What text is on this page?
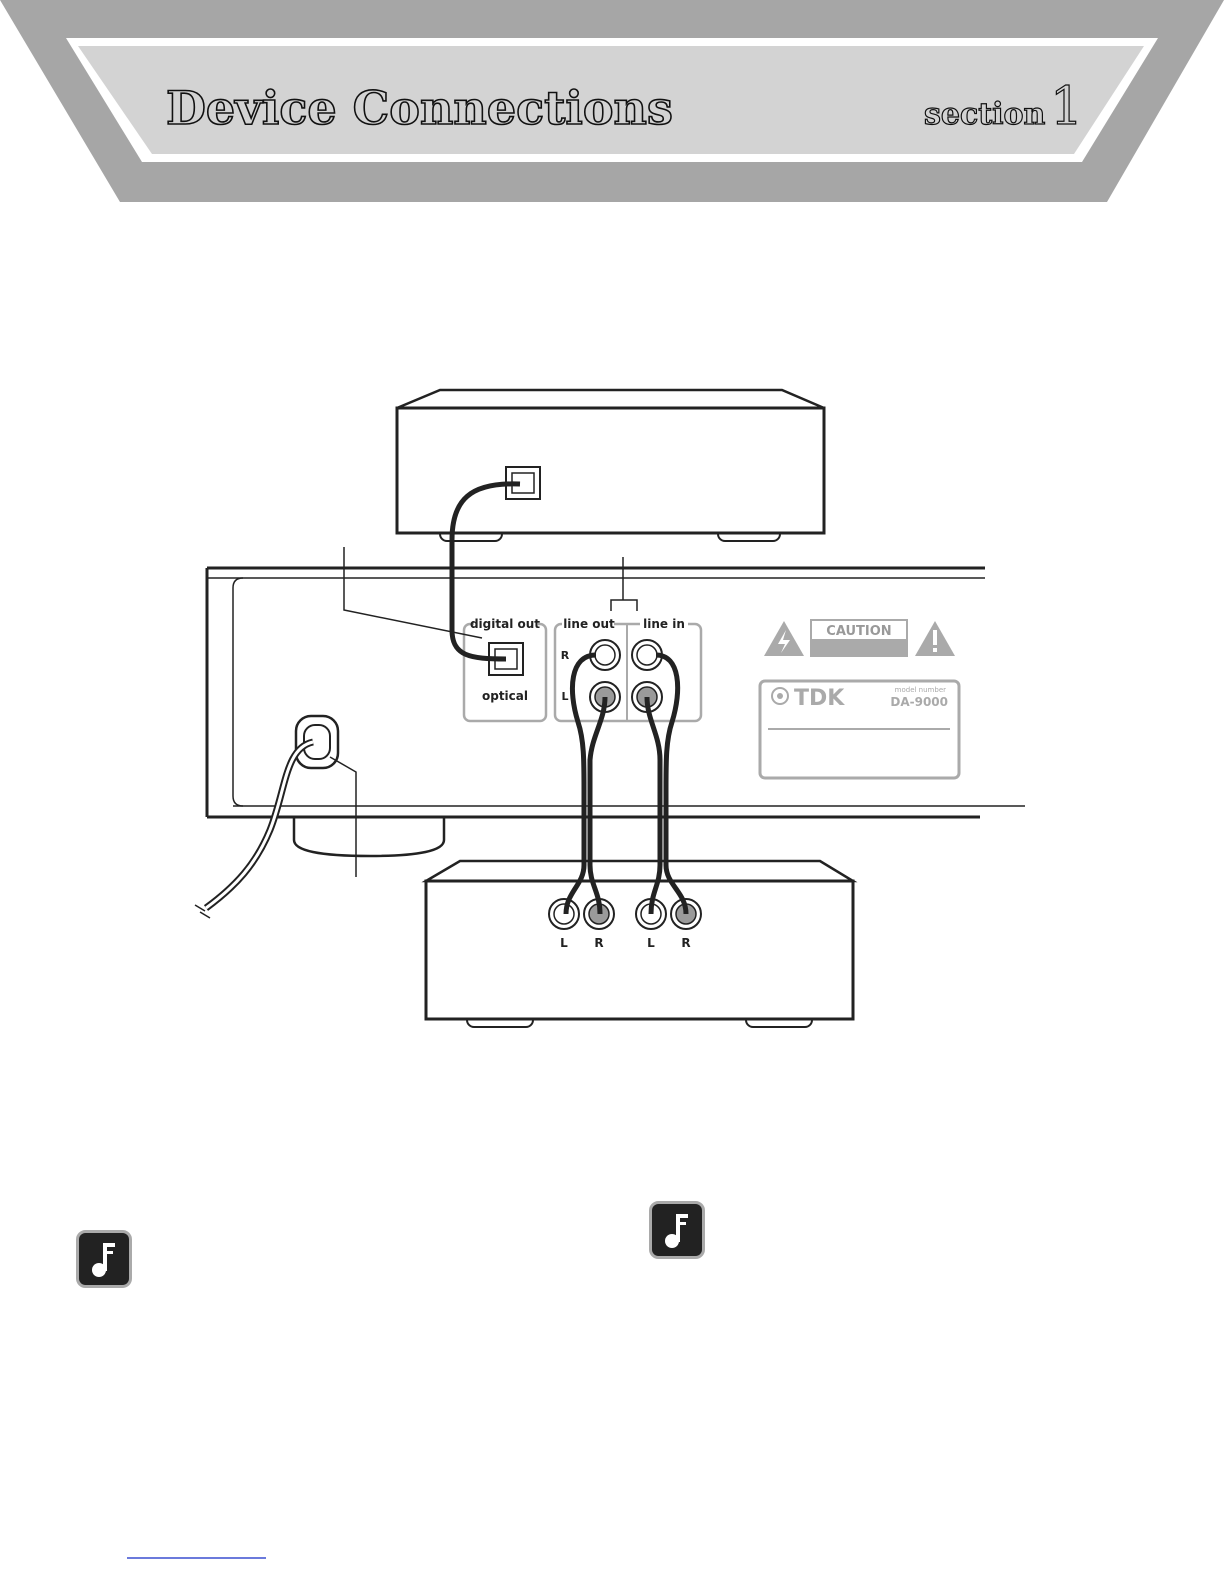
Device Connections	section 1
digital out
optical
line out line in
R
L
CAUTION
TDK	model number
DA-9000
L R	L R
